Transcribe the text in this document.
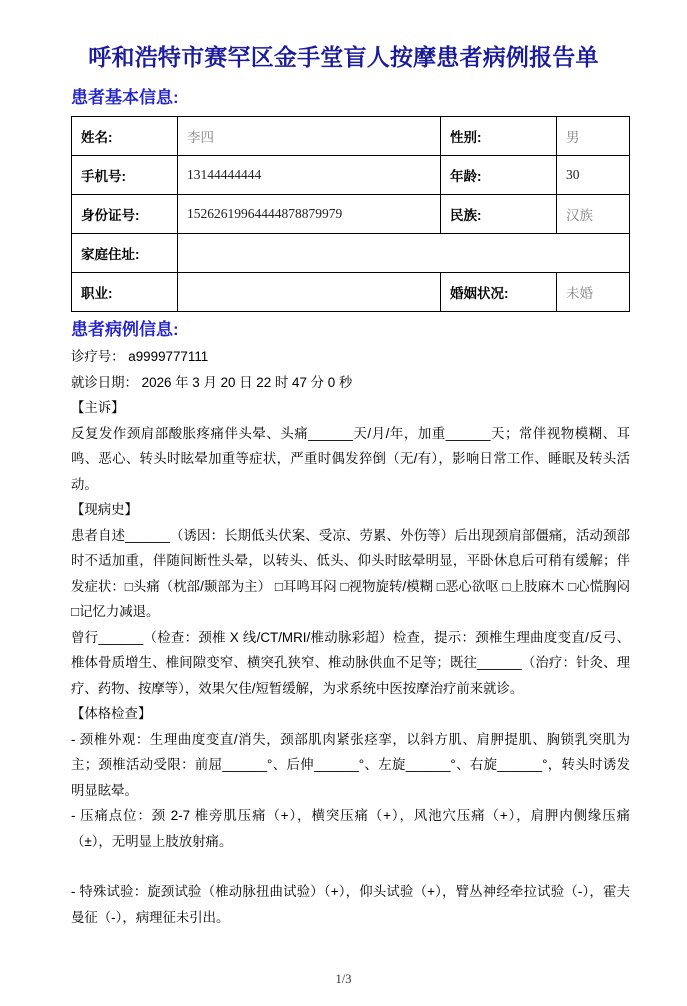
呼和浩特市赛罕区金手堂盲人按摩患者病例报告单
患者基本信息:
姓名:	李四	性别:	男
手机号:	13144444444	年龄:	30
身份证号:	15262619964444878879979	民族:	汉族
家庭住址:			
职业:		婚姻状况:	未婚
患者病例信息:

诊疗号： a9999777111

就诊日期： 2026 年 3 月 20 日 22 时 47 分 0 秒

【主诉】

反复发作颈肩部酸胀疼痛伴头晕、头痛______天/月/年，加重______天；常伴视物模糊、耳鸣、恶心、转头时眩晕加重等症状，严重时偶发猝倒（无/有），影响日常工作、睡眠及转头活动。

【现病史】

患者自述______（诱因：长期低头伏案、受凉、劳累、外伤等）后出现颈肩部僵痛，活动颈部时不适加重，伴随间断性头晕，以转头、低头、仰头时眩晕明显，平卧休息后可稍有缓解；伴发症状：□头痛（枕部/颞部为主） □耳鸣耳闷 □视物旋转/模糊 □恶心欲呕 □上肢麻木 □心慌胸闷 □记忆力减退。

曾行______（检查：颈椎 X 线/CT/MRI/椎动脉彩超）检查，提示：颈椎生理曲度变直/反弓、椎体骨质增生、椎间隙变窄、横突孔狭窄、椎动脉供血不足等；既往______（治疗：针灸、理疗、药物、按摩等），效果欠佳/短暂缓解，为求系统中医按摩治疗前来就诊。

【体格检查】

- 颈椎外观：生理曲度变直/消失，颈部肌肉紧张痉挛，以斜方肌、肩胛提肌、胸锁乳突肌为主；颈椎活动受限：前屈______°、后伸______°、左旋______°、右旋______°，转头时诱发明显眩晕。

- 压痛点位：颈 2-7 椎旁肌压痛（+），横突压痛（+），风池穴压痛（+），肩胛内侧缘压痛（±），无明显上肢放射痛。

- 特殊试验：旋颈试验（椎动脉扭曲试验）（+），仰头试验（+），臂丛神经牵拉试验（-），霍夫曼征（-），病理征未引出。

1/3
